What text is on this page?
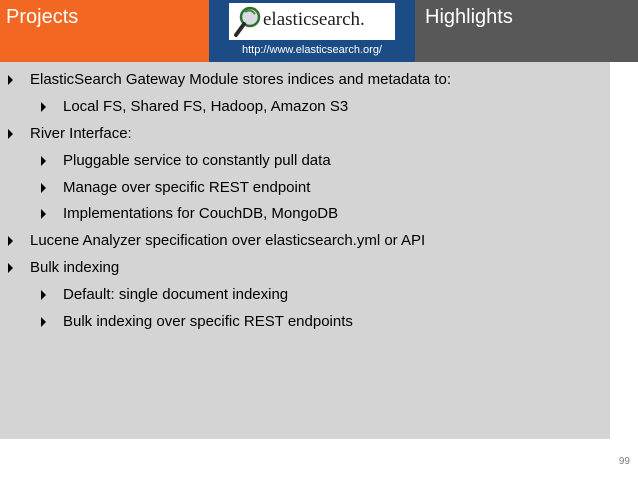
Projects	elasticsearch.
http://www.elasticsearch.org/
Highlights
ElasticSearch Gateway Module stores indices and metadata to:
Local FS, Shared FS, Hadoop, Amazon S3
River Interface:
Pluggable service to constantly pull data
Manage over specific REST endpoint
Implementations for CouchDB, MongoDB
Lucene Analyzer specification over elasticsearch.yml or API
Bulk indexing
Default: single document indexing
Bulk indexing over specific REST endpoints
99
